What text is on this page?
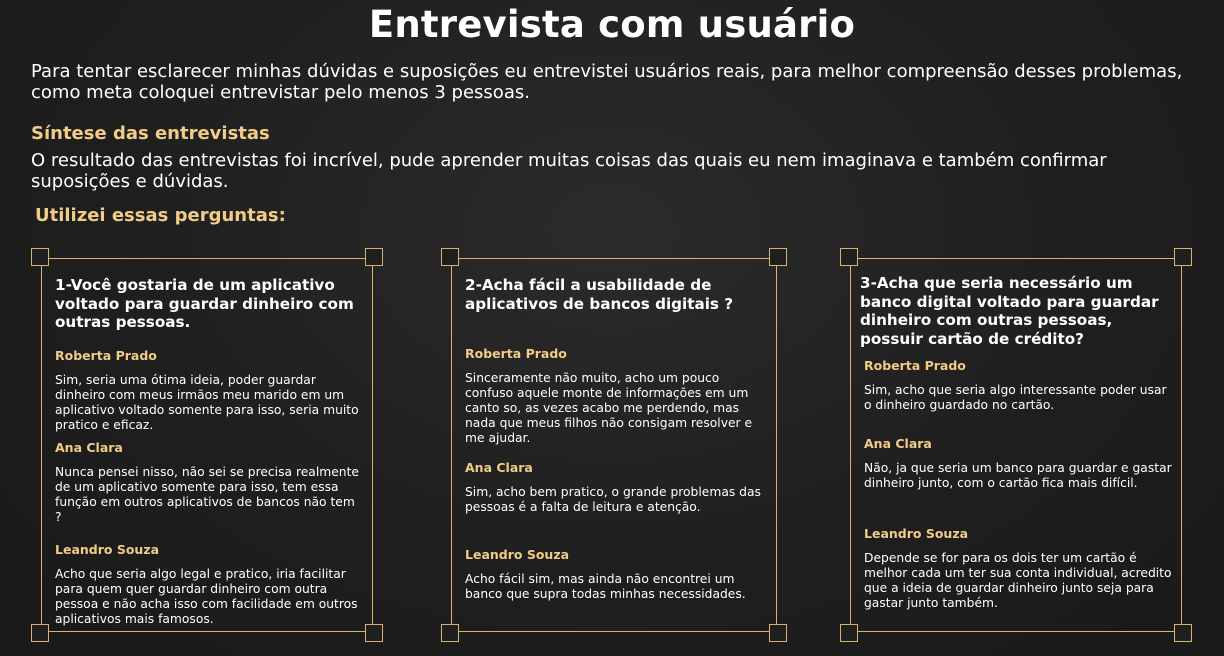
Entrevista com usuário

Para tentar esclarecer minhas dúvidas e suposições eu entrevistei usuários reais, para melhor compreensão desses problemas, como meta coloquei entrevistar pelo menos 3 pessoas.

Síntese das entrevistas

O resultado das entrevistas foi incrível, pude aprender muitas coisas das quais eu nem imaginava e também confirmar suposições e dúvidas.

Utilizei essas perguntas:

1-Você gostaria de um aplicativo voltado para guardar dinheiro com outras pessoas.

Roberta Prado

Sim, seria uma ótima ideia, poder guardar dinheiro com meus irmãos meu marido em um aplicativo voltado somente para isso, seria muito pratico e eficaz.

Ana Clara

Nunca pensei nisso, não sei se precisa realmente de um aplicativo somente para isso, tem essa função em outros aplicativos de bancos não tem ?

Leandro Souza

Acho que seria algo legal e pratico, iria facilitar para quem quer guardar dinheiro com outra pessoa e não acha isso com facilidade em outros aplicativos mais famosos.

2-Acha fácil a usabilidade de aplicativos de bancos digitais ?

Roberta Prado

Sinceramente não muito, acho um pouco confuso aquele monte de informações em um canto so, as vezes acabo me perdendo, mas nada que meus filhos não consigam resolver e me ajudar.

Ana Clara

Sim, acho bem pratico, o grande problemas das pessoas é a falta de leitura e atenção.

Leandro Souza

Acho fácil sim, mas ainda não encontrei um banco que supra todas minhas necessidades.

3-Acha que seria necessário um banco digital voltado para guardar dinheiro com outras pessoas, possuir cartão de crédito?

Roberta Prado

Sim, acho que seria algo interessante poder usar o dinheiro guardado no cartão.

Ana Clara

Não, ja que seria um banco para guardar e gastar dinheiro junto, com o cartão fica mais difícil.

Leandro Souza

Depende se for para os dois ter um cartão é melhor cada um ter sua conta individual, acredito que a ideia de guardar dinheiro junto seja para gastar junto também.
